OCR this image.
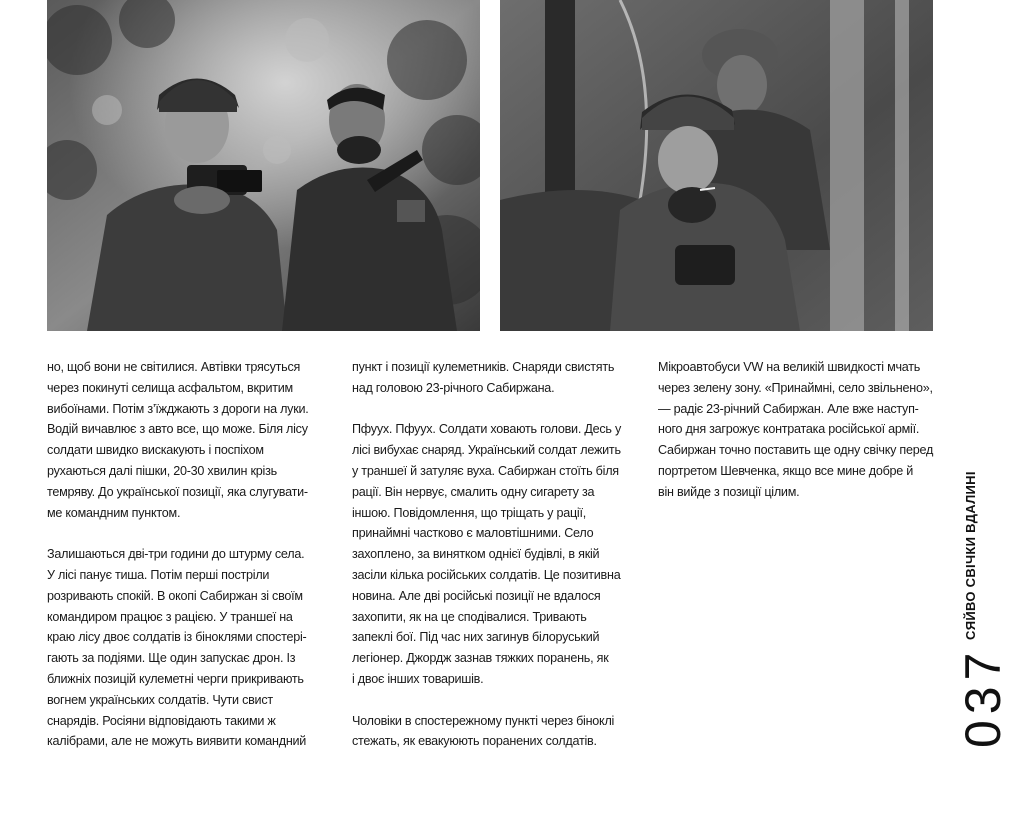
но, щоб вони не світилися. Автівки трясуться
через покинуті селища асфальтом, вкритим
вибоїнами. Потім з’їжджають з дороги на луки.
Водій вичавлює з авто все, що може. Біля лісу
солдати швидко вискакують і поспіхом
рухаються далі пішки, 20-30 хвилин крізь
темряву. До української позиції, яка слугувати-
ме командним пунктом.

Залишаються дві-три години до штурму села.
У лісі панує тиша. Потім перші постріли
розривають спокій. В окопі Сабиржан зі своїм
командиром працює з рацією. У траншеї на
краю лісу двоє солдатів із біноклями спостері-
гають за подіями. Ще один запускає дрон. Із
ближніх позицій кулеметні черги прикривають
вогнем українських солдатів. Чути свист
снарядів. Росіяни відповідають такими ж
калібрами, але не можуть виявити командний

пункт і позиції кулеметників. Снаряди свистять
над головою 23-річного Сабиржана.

Пфуух. Пфуух. Солдати ховають голови. Десь у
лісі вибухає снаряд. Український солдат лежить
у траншеї й затуляє вуха. Сабиржан стоїть біля
рації. Він нервує, смалить одну сигарету за
іншою. Повідомлення, що тріщать у рації,
принаймні частково є маловтішними. Село
захоплено, за винятком однієї будівлі, в якій
засіли кілька російських солдатів. Це позитивна
новина. Але дві російські позиції не вдалося
захопити, як на це сподівалися. Тривають
запеклі бої. Під час них загинув білоруський
легіонер. Джордж зазнав тяжких поранень, як
і двоє інших товаришів.

Чоловіки в спостережному пункті через біноклі
стежать, як евакуюють поранених солдатів.

Мікроавтобуси VW на великій швидкості мчать
через зелену зону. «Принаймні, село звільнено»,
— радіє 23-річний Сабиржан. Але вже наступ-
ного дня загрожує контратака російської армії.
Сабиржан точно поставить ще одну свічку перед
портретом Шевченка, якщо все мине добре й
він вийде з позиції цілим.	СЯЙВО СВІЧКИ ВДАЛИНІ
037
